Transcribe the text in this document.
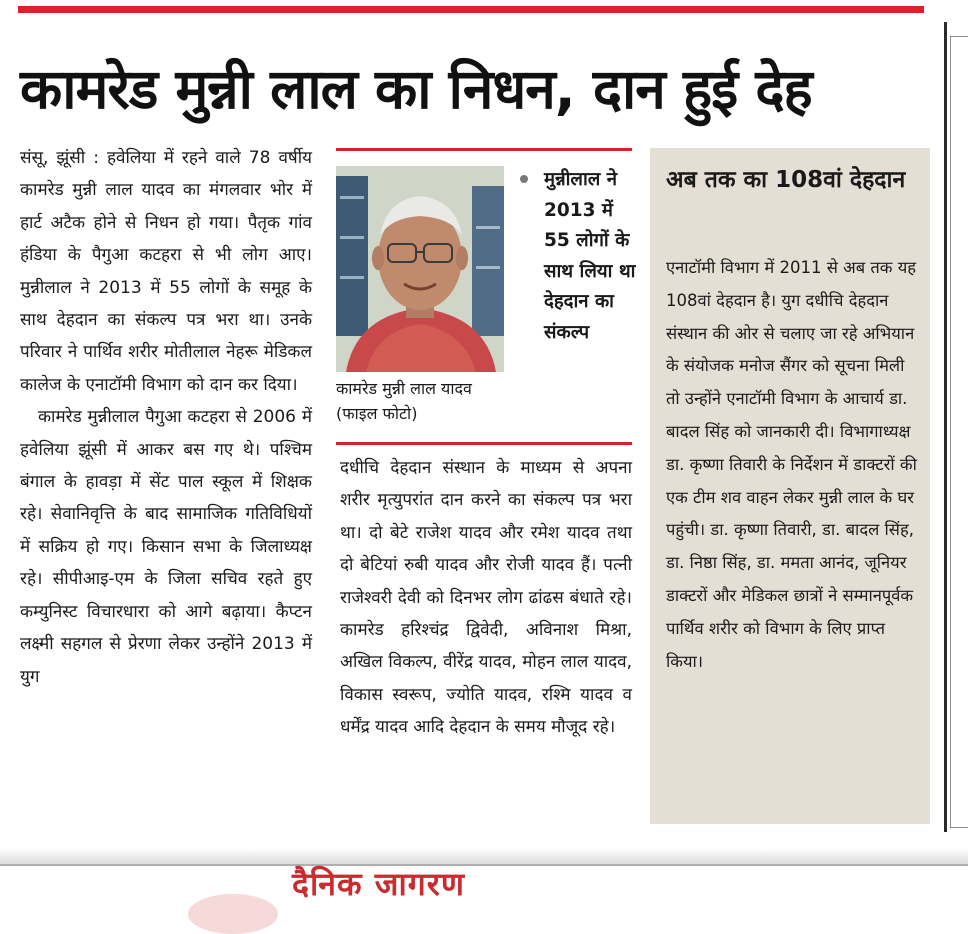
कामरेड मुन्नी लाल का निधन, दान हुई देह

संसू, झूंसी : हवेलिया में रहने वाले 78 वर्षीय कामरेड मुन्नी लाल यादव का मंगलवार भोर में हार्ट अटैक होने से निधन हो गया। पैतृक गांव हंडिया के पैगुआ कटहरा से भी लोग आए। मुन्नीलाल ने 2013 में 55 लोगों के समूह के साथ देहदान का संकल्प पत्र भरा था। उनके परिवार ने पार्थिव शरीर मोतीलाल नेहरू मेडिकल कालेज के एनाटॉमी विभाग को दान कर दिया।

कामरेड मुन्नीलाल पैगुआ कटहरा से 2006 में हवेलिया झूंसी में आकर बस गए थे। पश्चिम बंगाल के हावड़ा में सेंट पाल स्कूल में शिक्षक रहे। सेवानिवृत्ति के बाद सामाजिक गतिविधियों में सक्रिय हो गए। किसान सभा के जिलाध्यक्ष रहे। सीपीआइ-एम के जिला सचिव रहते हुए कम्युनिस्ट विचारधारा को आगे बढ़ाया। कैप्टन लक्ष्मी सहगल से प्रेरणा लेकर उन्होंने 2013 में युग

कामरेड मुन्नी लाल यादव
(फाइल फोटो)
मुन्नीलाल ने 2013 में 55 लोगों के साथ लिया था देहदान का संकल्प

दधीचि देहदान संस्थान के माध्यम से अपना शरीर मृत्युपरांत दान करने का संकल्प पत्र भरा था। दो बेटे राजेश यादव और रमेश यादव तथा दो बेटियां रुबी यादव और रोजी यादव हैं। पत्नी राजेश्वरी देवी को दिनभर लोग ढांढस बंधाते रहे। कामरेड हरिश्चंद्र द्विवेदी, अविनाश मिश्रा, अखिल विकल्प, वीरेंद्र यादव, मोहन लाल यादव, विकास स्वरूप, ज्योति यादव, रश्मि यादव व धर्मेंद्र यादव आदि देहदान के समय मौजूद रहे।

अब तक का 108वां देहदान
एनाटॉमी विभाग में 2011 से अब तक यह 108वां देहदान है। युग दधीचि देहदान संस्थान की ओर से चलाए जा रहे अभियान के संयोजक मनोज सैंगर को सूचना मिली तो उन्होंने एनाटॉमी विभाग के आचार्य डा. बादल सिंह को जानकारी दी। विभागाध्यक्ष डा. कृष्णा तिवारी के निर्देशन में डाक्टरों की एक टीम शव वाहन लेकर मुन्नी लाल के घर पहुंची। डा. कृष्णा तिवारी, डा. बादल सिंह, डा. निष्ठा सिंह, डा. ममता आनंद, जूनियर डाक्टरों और मेडिकल छात्रों ने सम्मानपूर्वक पार्थिव शरीर को विभाग के लिए प्राप्त किया।
दैनिक जागरण
